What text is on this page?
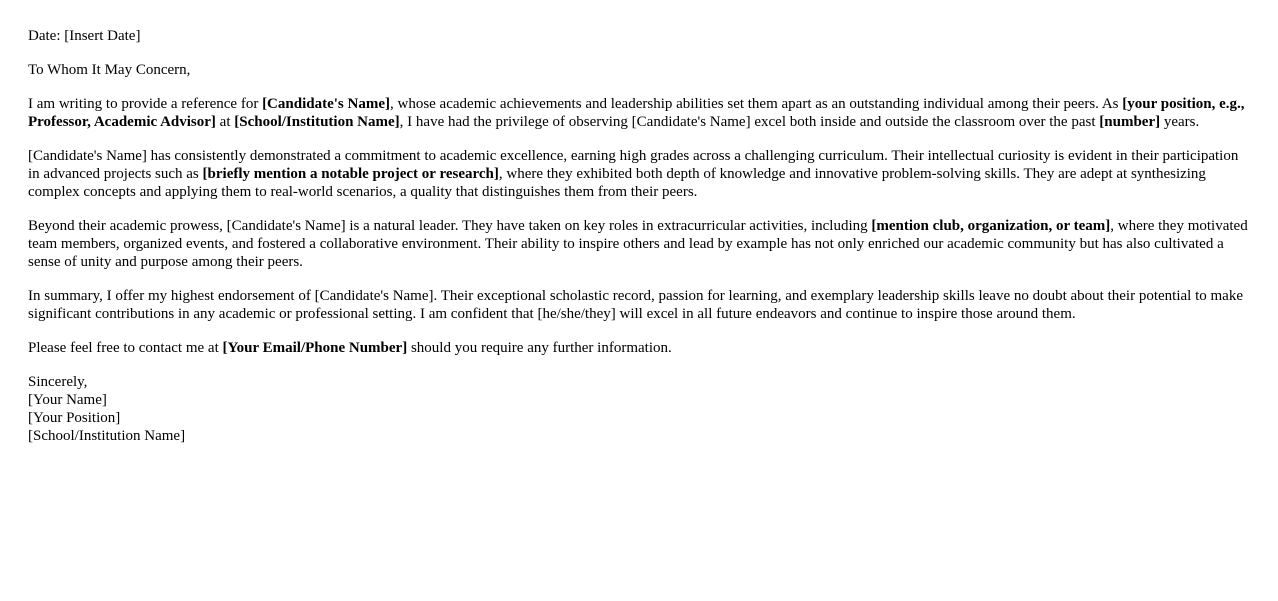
Date: [Insert Date]

To Whom It May Concern,

I am writing to provide a reference for [Candidate's Name], whose academic achievements and leadership abilities set them apart as an outstanding individual among their peers. As [your position, e.g., Professor, Academic Advisor] at [School/Institution Name], I have had the privilege of observing [Candidate's Name] excel both inside and outside the classroom over the past [number] years.

[Candidate's Name] has consistently demonstrated a commitment to academic excellence, earning high grades across a challenging curriculum. Their intellectual curiosity is evident in their participation in advanced projects such as [briefly mention a notable project or research], where they exhibited both depth of knowledge and innovative problem-solving skills. They are adept at synthesizing complex concepts and applying them to real-world scenarios, a quality that distinguishes them from their peers.

Beyond their academic prowess, [Candidate's Name] is a natural leader. They have taken on key roles in extracurricular activities, including [mention club, organization, or team], where they motivated team members, organized events, and fostered a collaborative environment. Their ability to inspire others and lead by example has not only enriched our academic community but has also cultivated a sense of unity and purpose among their peers.

In summary, I offer my highest endorsement of [Candidate's Name]. Their exceptional scholastic record, passion for learning, and exemplary leadership skills leave no doubt about their potential to make significant contributions in any academic or professional setting. I am confident that [he/she/they] will excel in all future endeavors and continue to inspire those around them.

Please feel free to contact me at [Your Email/Phone Number] should you require any further information.

Sincerely,

[Your Name]

[Your Position]

[School/Institution Name]
